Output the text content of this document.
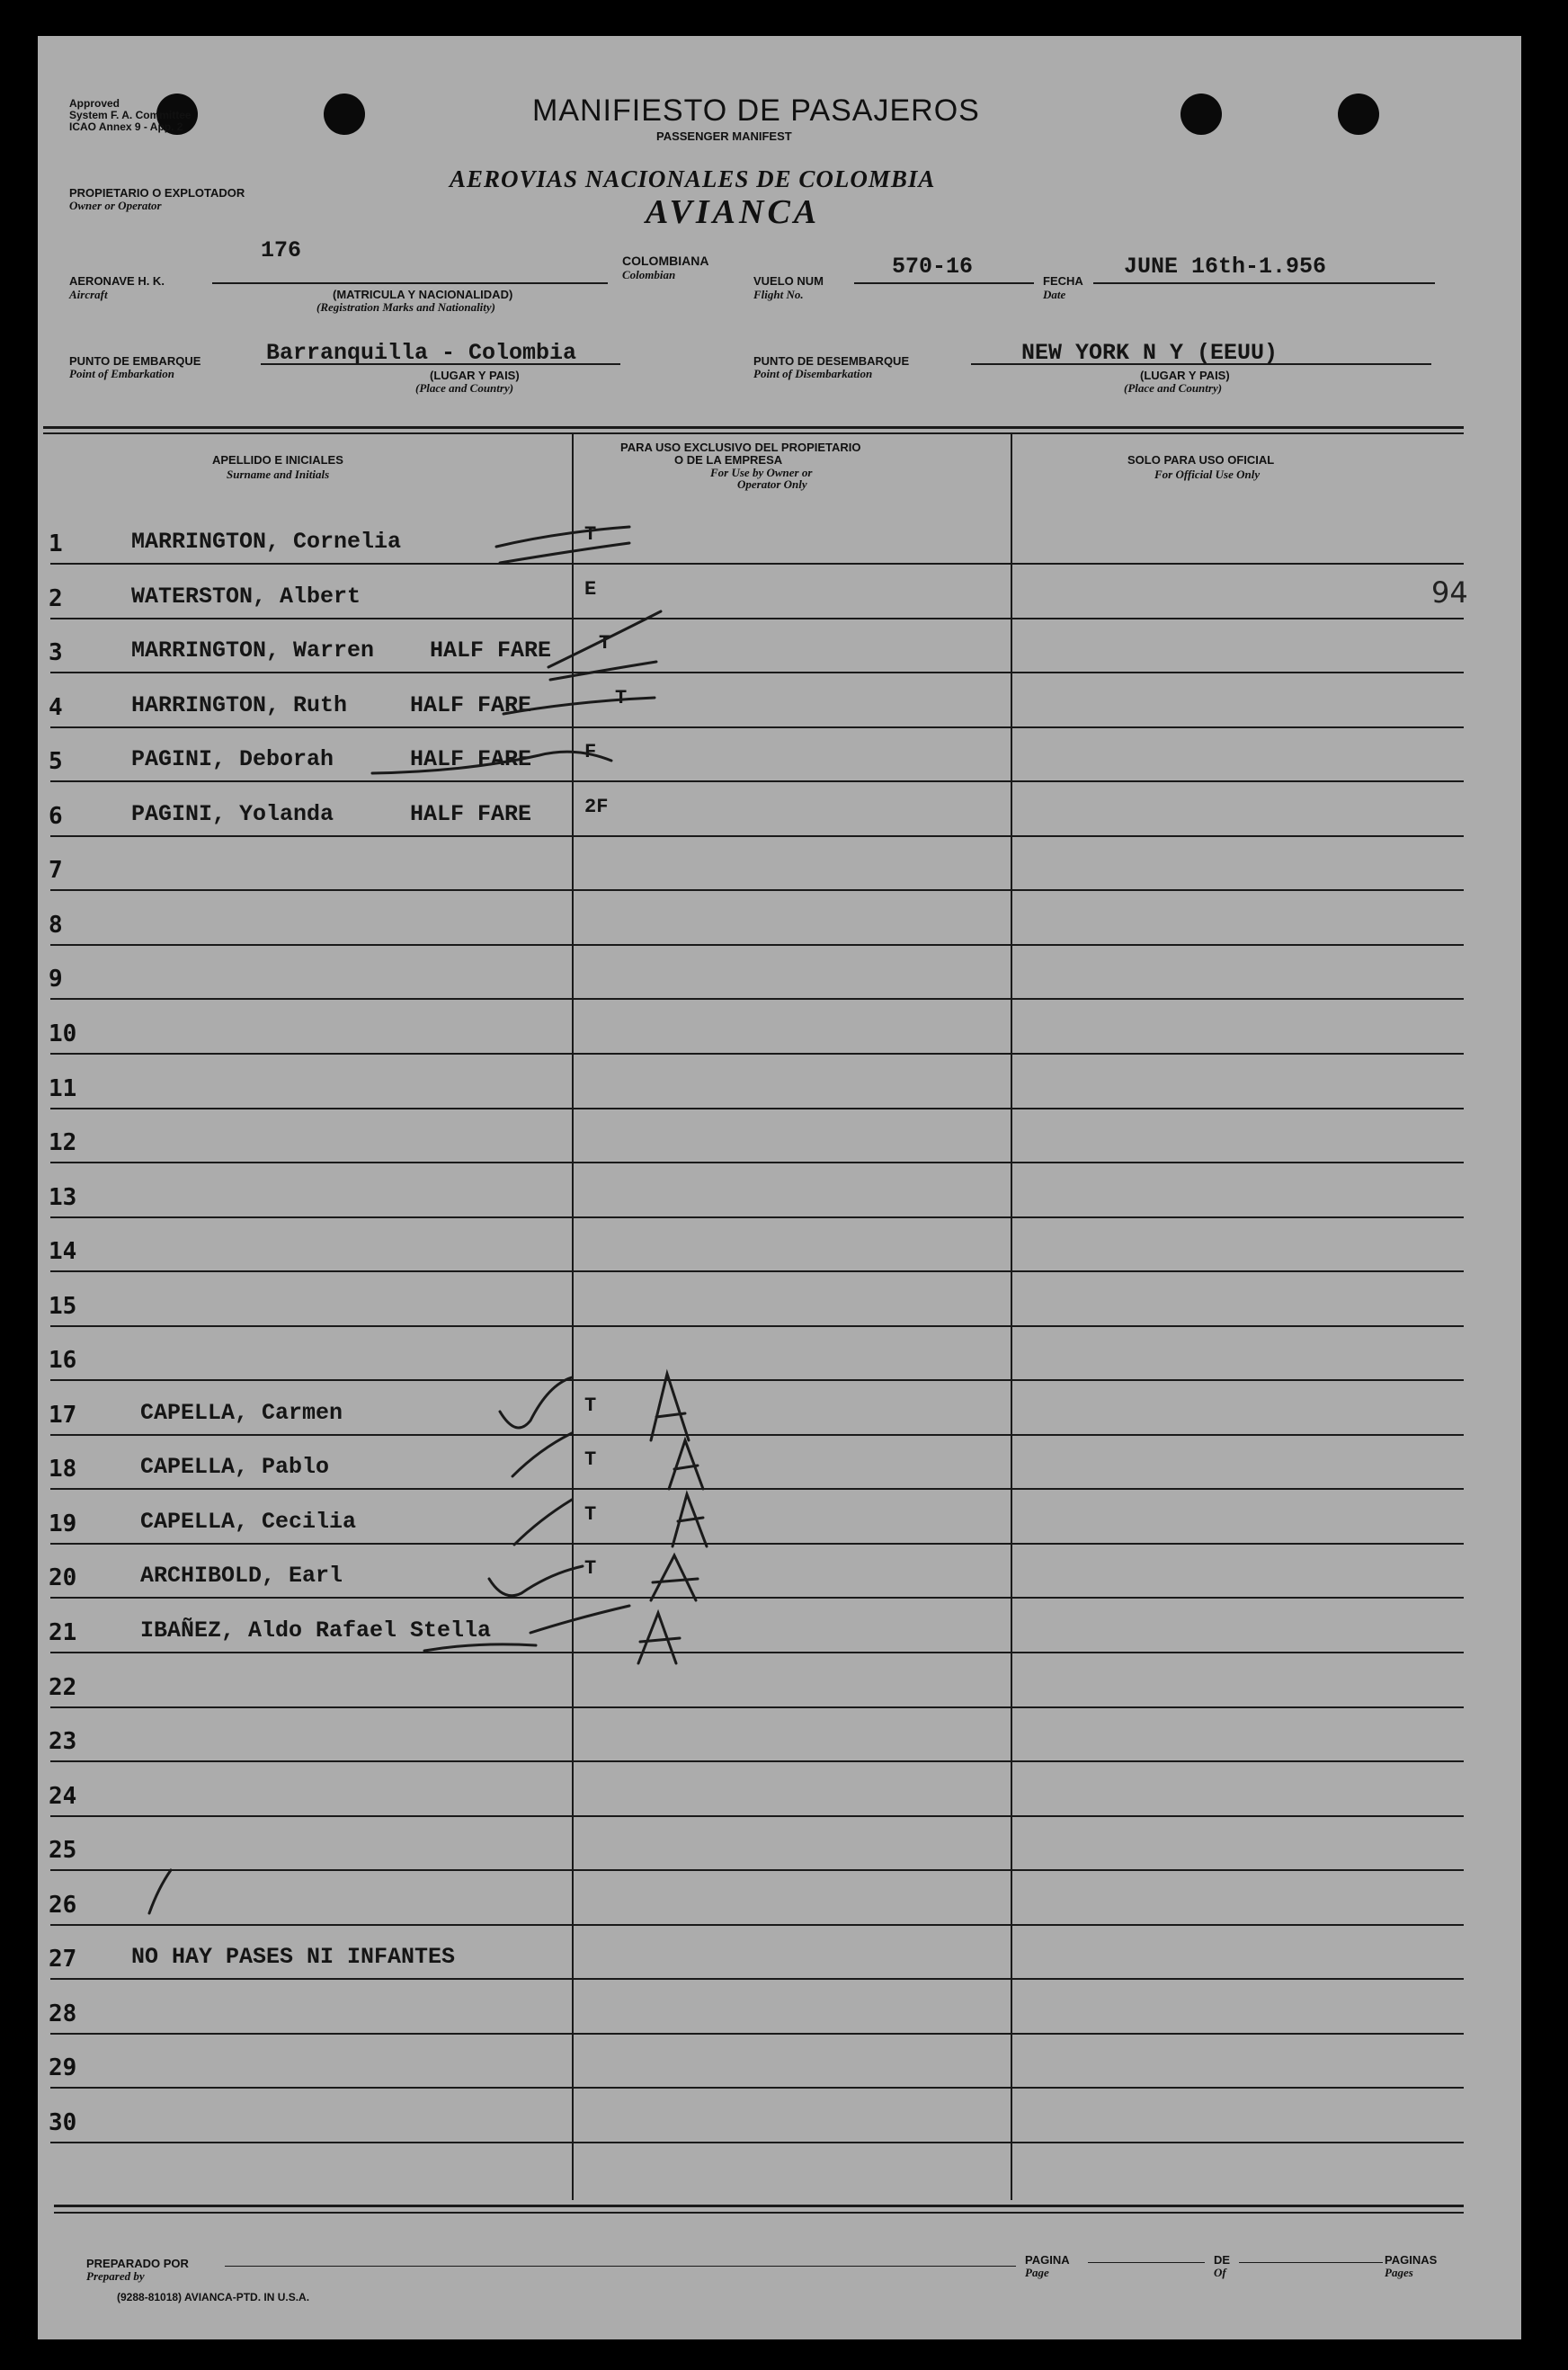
Approved
System F. A. Committee
ICAO Annex 9 - App. 2	MANIFIESTO DE PASAJEROS
PASSENGER MANIFEST
AEROVIAS NACIONALES DE COLOMBIA
AVIANCA
PROPIETARIO O EXPLOTADOR
Owner or Operator
176
AERONAVE H. K.
Aircraft	(MATRICULA Y NACIONALIDAD)
(Registration Marks and Nationality)
COLOMBIANA
Colombian	VUELO NUM
Flight No.
570-16
FECHA
Date
JUNE 16th-1.956
PUNTO DE EMBARQUE
Point of Embarkation
Barranquilla - Colombia
(LUGAR Y PAIS)
(Place and Country)
PUNTO DE DESEMBARQUE
Point of Disembarkation
NEW YORK N Y (EEUU)
(LUGAR Y PAIS)
(Place and Country)
APELLIDO E INICIALES
Surname and Initials
PARA USO EXCLUSIVO DEL PROPIETARIO
O DE LA EMPRESA
For Use by Owner or
Operator Only
SOLO PARA USO OFICIAL
For Official Use Only
1	MARRINGTON, Cornelia	T
2	WATERSTON, Albert	E
3	MARRINGTON, Warren HALF FARE T
4	HARRINGTON, Ruth	HALF FARE	T
5	PAGINI, Deborah	HALF FARE	F
6	PAGINI, Yolanda	HALF FARE	2F
7
8
9
10
11
12
13
14
15
16
17	CAPELLA, Carmen	T
18	CAPELLA, Pablo	T
19	CAPELLA, Cecilia	T
20	ARCHIBOLD, Earl	T
21	IBAÑEZ, Aldo Rafael Stella
22
23
24
25
26
27 NO HAY PASES NI INFANTES
28
29
30
94
PREPARADO POR
Prepared by
PAGINA
Page
DE
Of
PAGINAS
Pages
(9288-81018) AVIANCA-PTD. IN U.S.A.
